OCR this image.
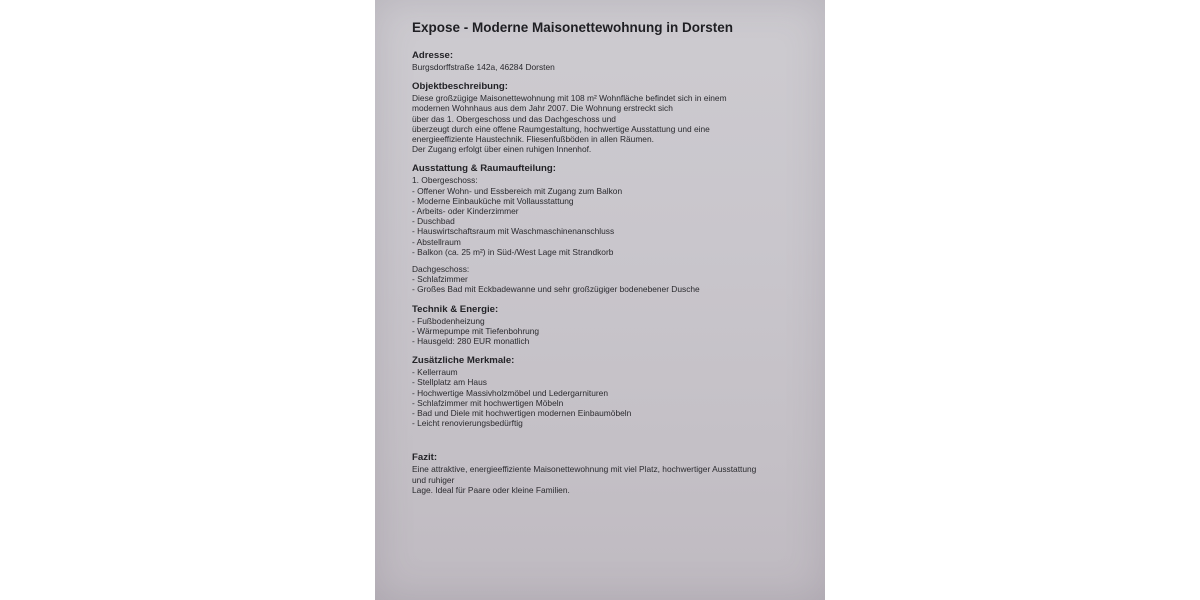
Expose - Moderne Maisonettewohnung in Dorsten
Adresse:
Burgsdorffstraße 142a, 46284 Dorsten
Objektbeschreibung:
Diese großzügige Maisonettewohnung mit 108 m² Wohnfläche befindet sich in einem
modernen Wohnhaus aus dem Jahr 2007. Die Wohnung erstreckt sich
über das 1. Obergeschoss und das Dachgeschoss und
überzeugt durch eine offene Raumgestaltung, hochwertige Ausstattung und eine
energieeffiziente Haustechnik. Fliesenfußböden in allen Räumen.
Der Zugang erfolgt über einen ruhigen Innenhof.
Ausstattung & Raumaufteilung:
1. Obergeschoss:
- Offener Wohn- und Essbereich mit Zugang zum Balkon
- Moderne Einbauküche mit Vollausstattung
- Arbeits- oder Kinderzimmer
- Duschbad
- Hauswirtschaftsraum mit Waschmaschinenanschluss
- Abstellraum
- Balkon (ca. 25 m²) in Süd-/West Lage mit Strandkorb
Dachgeschoss:
- Schlafzimmer
- Großes Bad mit Eckbadewanne und sehr großzügiger bodenebener Dusche
Technik & Energie:
- Fußbodenheizung
- Wärmepumpe mit Tiefenbohrung
- Hausgeld: 280 EUR monatlich
Zusätzliche Merkmale:
- Kellerraum
- Stellplatz am Haus
- Hochwertige Massivholzmöbel und Ledergarnituren
- Schlafzimmer mit hochwertigen Möbeln
- Bad und Diele mit hochwertigen modernen Einbaumöbeln
- Leicht renovierungsbedürftig
Fazit:
Eine attraktive, energieeffiziente Maisonettewohnung mit viel Platz, hochwertiger Ausstattung
und ruhiger
Lage. Ideal für Paare oder kleine Familien.
